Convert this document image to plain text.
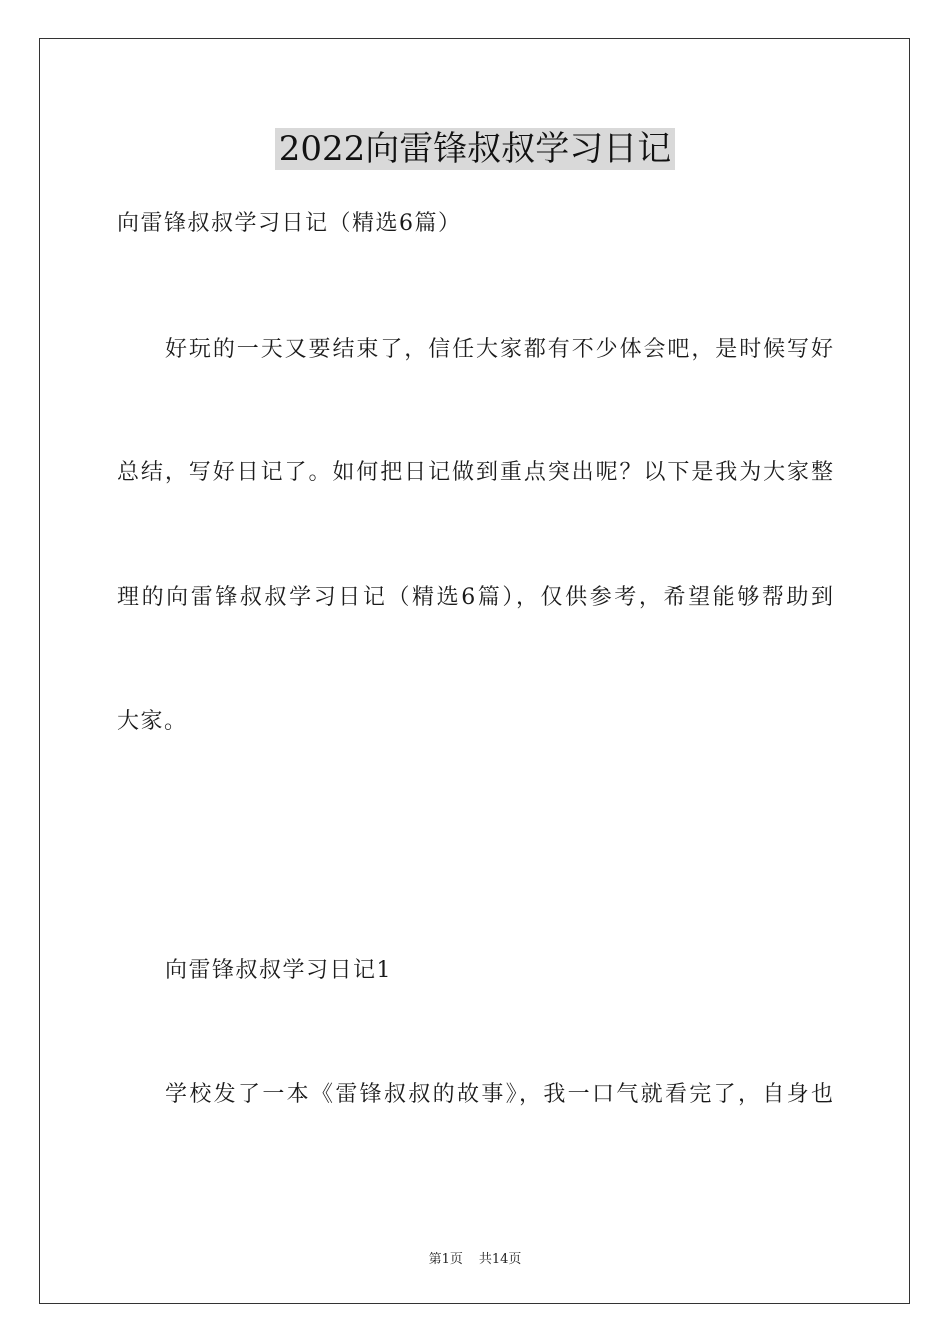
2022向雷锋叔叔学习日记
向雷锋叔叔学习日记（精选6篇）
好玩的一天又要结束了，信任大家都有不少体会吧，是时候写好
总结，写好日记了。如何把日记做到重点突出呢？以下是我为大家整
理的向雷锋叔叔学习日记（精选6篇），仅供参考，希望能够帮助到
大家。
向雷锋叔叔学习日记1
学校发了一本《雷锋叔叔的故事》，我一口气就看完了，自身也
第1页 共14页
